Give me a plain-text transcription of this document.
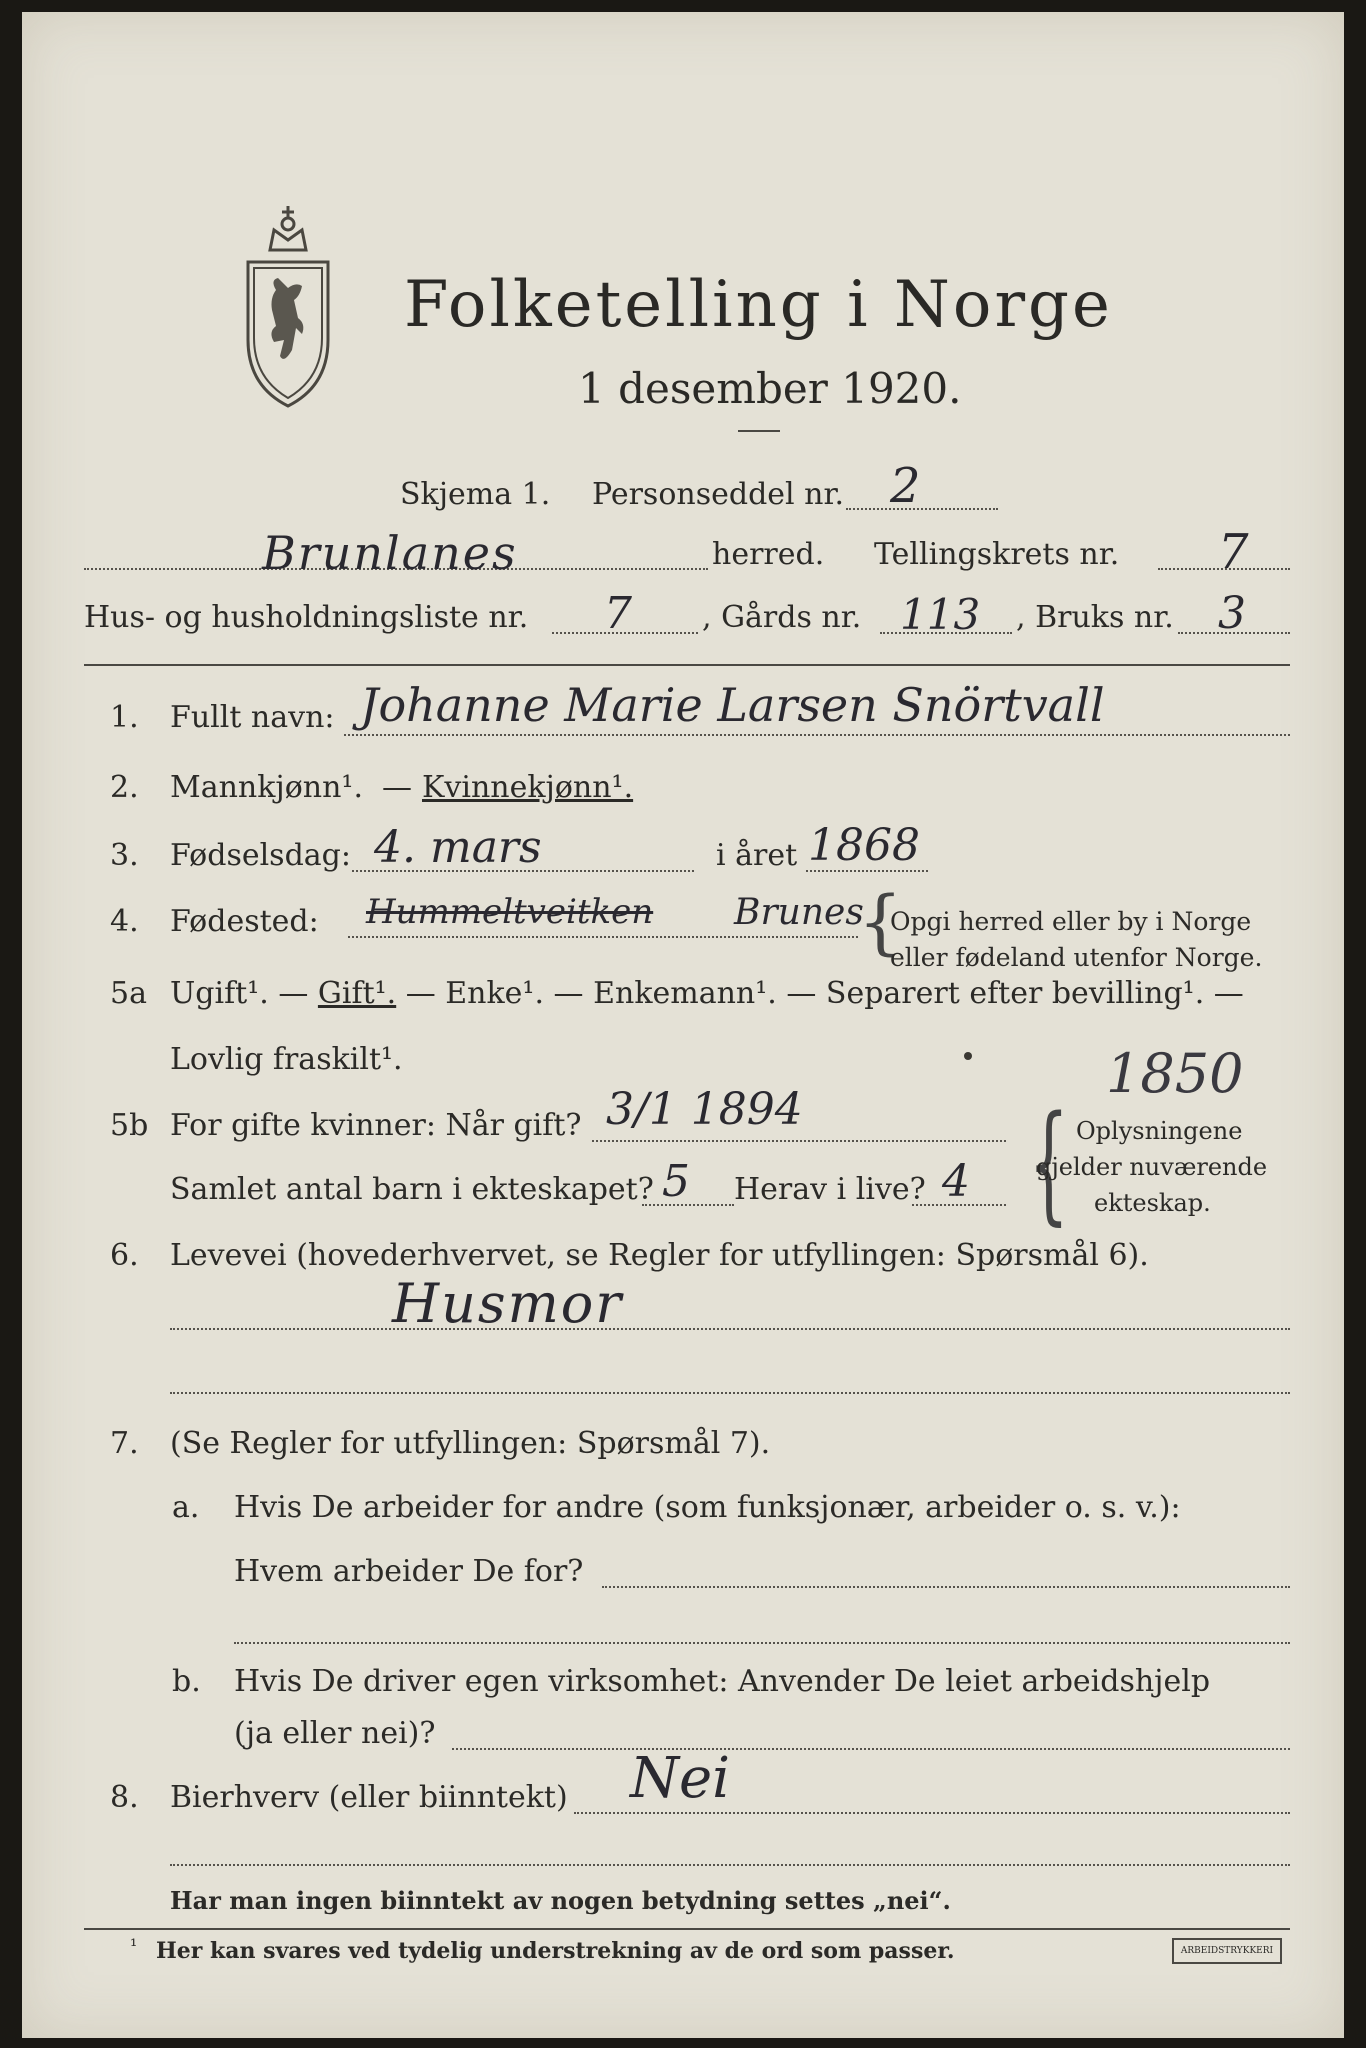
Folketelling i Norge
1 desember 1920.
Skjema 1. Personseddel nr. 2
Brunlanes	herred. Tellingskrets nr. 7
Hus- og husholdningsliste nr. 7 , Gårds nr. 113 , Bruks nr. 3
1. Fullt navn: Johanne Marie Larsen Snörtvall
2. Mannkjønn¹. — Kvinnekjønn¹.
3. Fødselsdag: 4. mars	i året 1868
4. Fødested: Hummeltveitken Brunes
{
Opgi herred eller by i Norge
eller fødeland utenfor Norge.
5a Ugift¹. — Gift¹. — Enke¹. — Enkemann¹. — Separert efter bevilling¹. —
Lovlig fraskilt¹.	1850
5b For gifte kvinner: Når gift? 3/1 1894
Samlet antal barn i ekteskapet? 5 Herav i live? 4 { Oplysningene
gjelder nuværende
ekteskap.
6. Levevei (hovederhvervet, se Regler for utfyllingen: Spørsmål 6).
Husmor
7. (Se Regler for utfyllingen: Spørsmål 7).
a. Hvis De arbeider for andre (som funksjonær, arbeider o. s. v.):
Hvem arbeider De for?
b. Hvis De driver egen virksomhet: Anvender De leiet arbeidshjelp
(ja eller nei)?
8. Bierhverv (eller biinntekt) Nei
Har man ingen biinntekt av nogen betydning settes „nei“.
¹ Her kan svares ved tydelig understrekning av de ord som passer.	ARBEIDSTRYKKERI
